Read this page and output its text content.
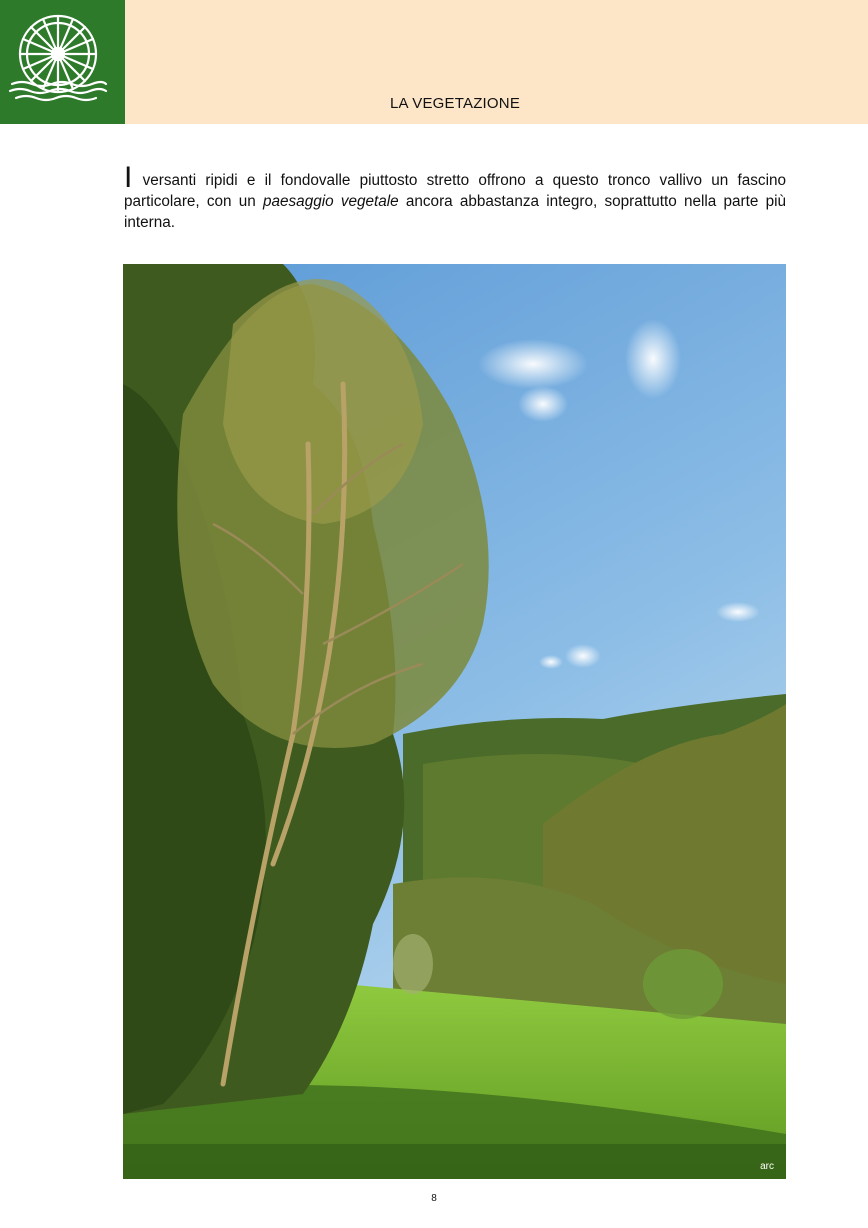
LA VEGETAZIONE

I versanti ripidi e il fondovalle piuttosto stretto offrono a questo tronco vallivo un fascino particolare, con un paesaggio vegetale ancora abbastanza integro, soprattutto nella parte più interna.

arc
8
